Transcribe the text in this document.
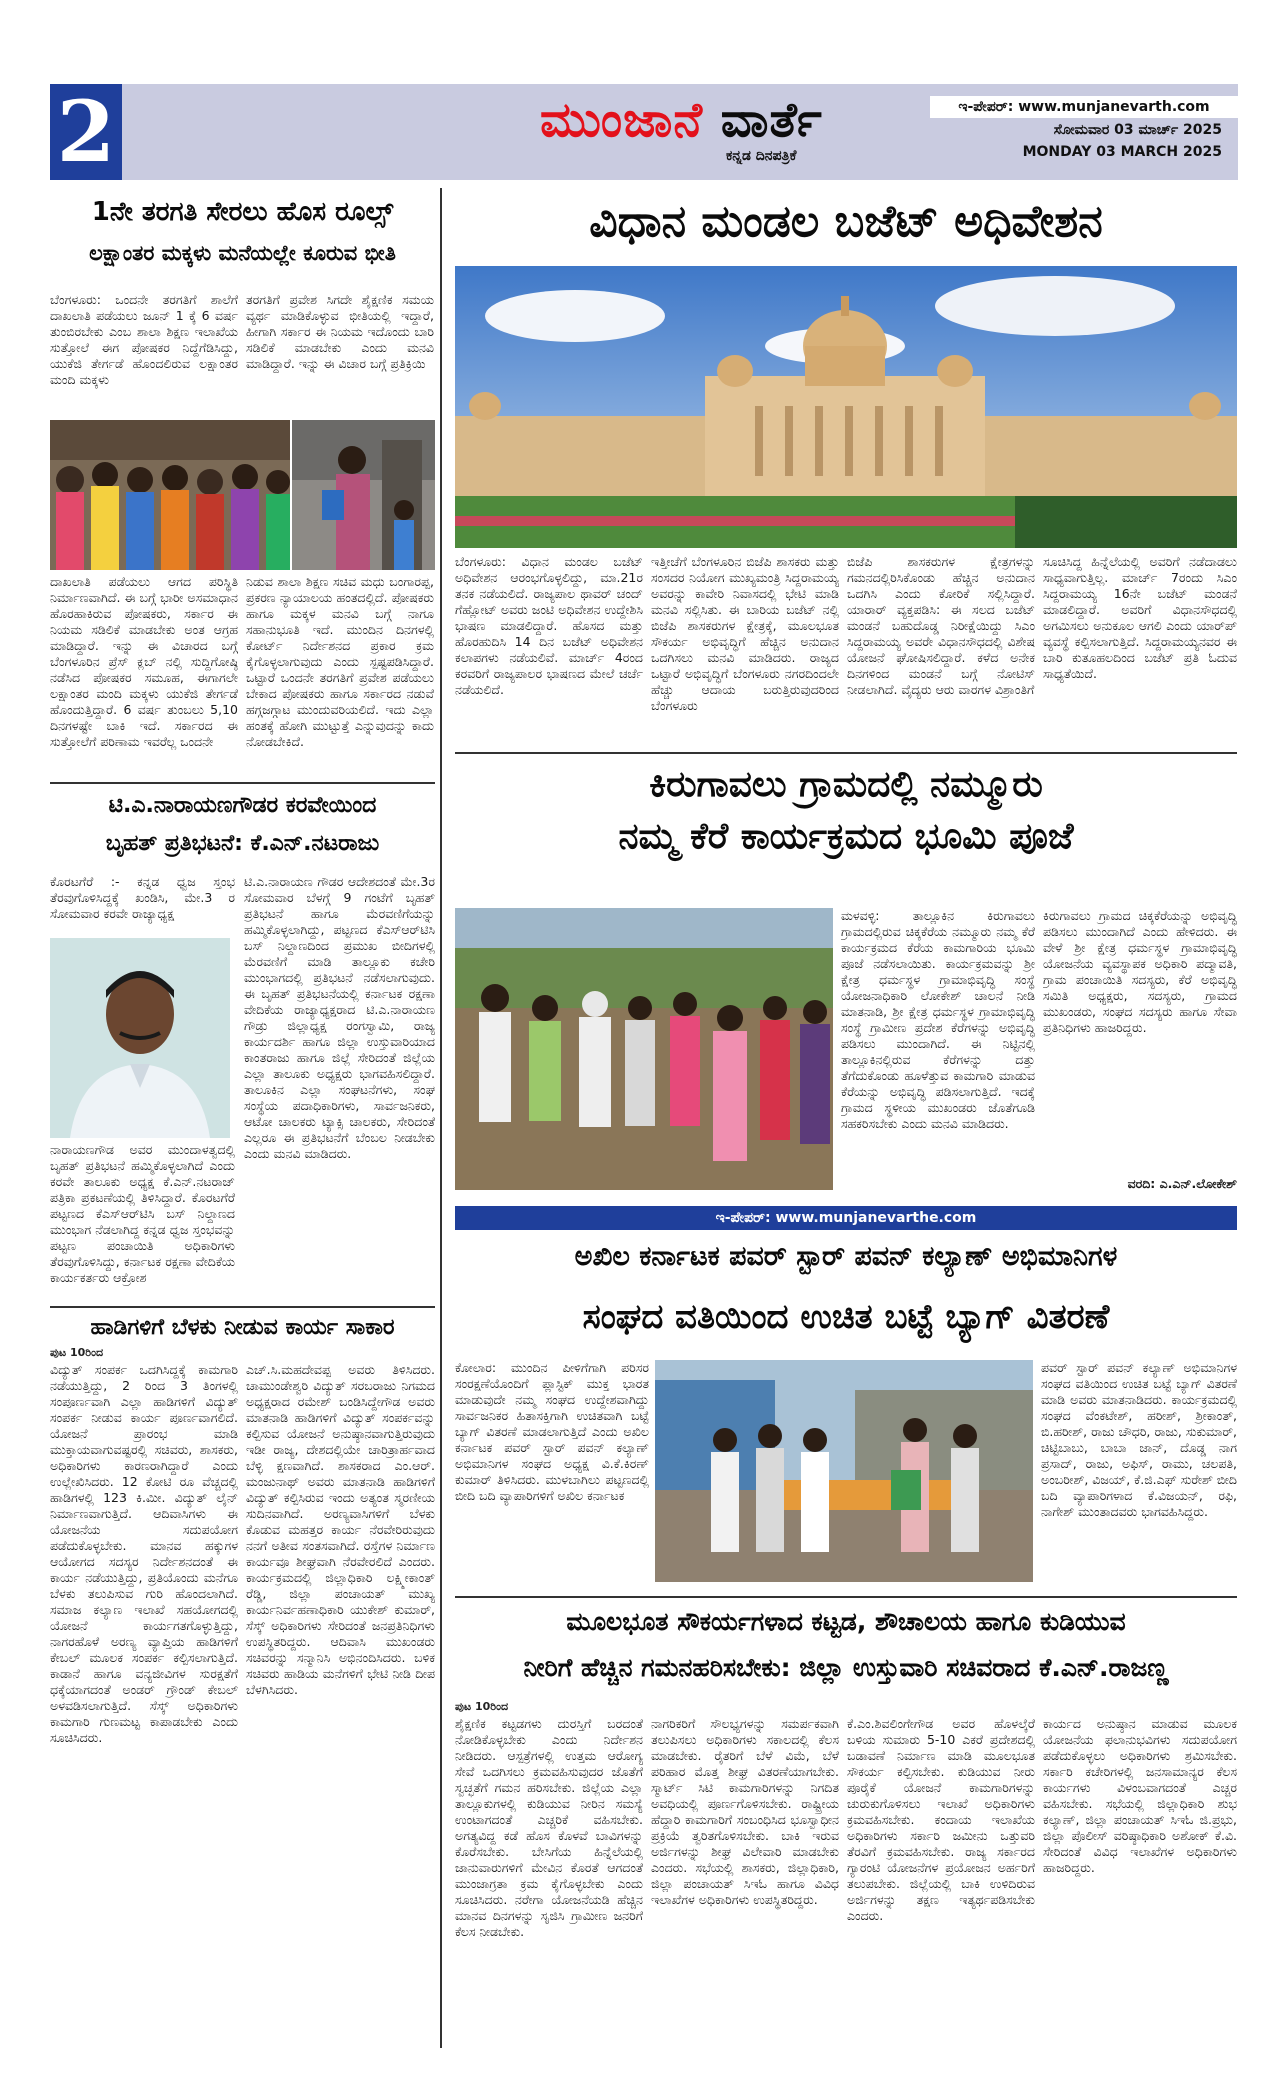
2	ಮುಂಜಾನೆ ವಾರ್ತೆ
ಕನ್ನಡ ದಿನಪತ್ರಿಕೆ
ಇ-ಪೇಪರ್: www.munjanevarth.com
ಸೋಮವಾರ 03 ಮಾರ್ಚ್ 2025
MONDAY 03 MARCH 2025
1ನೇ ತರಗತಿ ಸೇರಲು ಹೊಸ ರೂಲ್ಸ್
ಲಕ್ಷಾಂತರ ಮಕ್ಕಳು ಮನೆಯಲ್ಲೇ ಕೂರುವ ಭೀತಿ
ಬೆಂಗಳೂರು: ಒಂದನೇ ತರಗತಿಗೆ ಶಾಲೆಗೆ ದಾಖಲಾತಿ ಪಡೆಯಲು ಜೂನ್ 1 ಕ್ಕೆ 6 ವರ್ಷ ತುಂಬಿರಬೇಕು ಎಂಬ ಶಾಲಾ ಶಿಕ್ಷಣ ಇಲಾಖೆಯ ಸುತ್ತೋಲೆ ಈಗ ಪೋಷಕರ ನಿದ್ದೆಗೆಡಿಸಿದ್ದು, ಯುಕೆಜಿ ತೇರ್ಗಡೆ ಹೊಂದಲಿರುವ ಲಕ್ಷಾಂತರ ಮಂದಿ ಮಕ್ಕಳು
ತರಗತಿಗೆ ಪ್ರವೇಶ ಸಿಗದೇ ಶೈಕ್ಷಣಿಕ ಸಮಯ ವ್ಯರ್ಥ ಮಾಡಿಕೊಳ್ಳುವ ಭೀತಿಯಲ್ಲಿ ಇದ್ದಾರೆ, ಹೀಗಾಗಿ ಸರ್ಕಾರ ಈ ನಿಯಮ ಇದೊಂದು ಬಾರಿ ಸಡಿಲಿಕೆ ಮಾಡಬೇಕು ಎಂದು ಮನವಿ ಮಾಡಿದ್ದಾರೆ. ಇನ್ನು ಈ ವಿಚಾರ ಬಗ್ಗೆ ಪ್ರತಿಕ್ರಿಯಿ
ದಾಖಲಾತಿ ಪಡೆಯಲು ಆಗದ ಪರಿಸ್ಥಿತಿ ನಿರ್ಮಾಣವಾಗಿದೆ. ಈ ಬಗ್ಗೆ ಭಾರೀ ಅಸಮಾಧಾನ ಹೊರಹಾಕಿರುವ ಪೋಷಕರು, ಸರ್ಕಾರ ಈ ನಿಯಮ ಸಡಿಲಿಕೆ ಮಾಡಬೇಕು ಅಂತ ಆಗ್ರಹ ಮಾಡಿದ್ದಾರೆ. ಇನ್ನು ಈ ವಿಚಾರದ ಬಗ್ಗೆ ಬೆಂಗಳೂರಿನ ಪ್ರೆಸ್ ಕ್ಲಬ್ ನಲ್ಲಿ ಸುದ್ದಿಗೋಷ್ಠಿ ನಡೆಸಿದ ಪೋಷಕರ ಸಮೂಹ, ಈಗಾಗಲೇ ಲಕ್ಷಾಂತರ ಮಂದಿ ಮಕ್ಕಳು ಯುಕೆಜಿ ತೇರ್ಗಡೆ ಹೊಂದುತ್ತಿದ್ದಾರೆ. 6 ವರ್ಷ ತುಂಬಲು 5,10 ದಿನಗಳಷ್ಟೇ ಬಾಕಿ ಇದೆ. ಸರ್ಕಾರದ ಈ ಸುತ್ತೋಲೆಗೆ ಪರಿಣಾಮ ಇವರೆಲ್ಲ ಒಂದನೇ
ನಿಡುವ ಶಾಲಾ ಶಿಕ್ಷಣ ಸಚಿವ ಮಧು ಬಂಗಾರಪ್ಪ, ಪ್ರಕರಣ ನ್ಯಾಯಾಲಯ ಹಂತದಲ್ಲಿದೆ. ಪೋಷಕರು ಹಾಗೂ ಮಕ್ಕಳ ಮನವಿ ಬಗ್ಗೆ ನಾಗೂ ಸಹಾನುಭೂತಿ ಇದೆ. ಮುಂದಿನ ದಿನಗಳಲ್ಲಿ ಕೋರ್ಟ್ ನಿರ್ದೇಶನದ ಪ್ರಕಾರ ಕ್ರಮ ಕೈಗೊಳ್ಳಲಾಗುವುದು ಎಂದು ಸ್ಪಷ್ಟಪಡಿಸಿದ್ದಾರೆ. ಒಟ್ಟಾರೆ ಒಂದನೇ ತರಗತಿಗೆ ಪ್ರವೇಶ ಪಡೆಯಲು ಬೇಕಾದ ಪೋಷಕರು ಹಾಗೂ ಸರ್ಕಾರದ ನಡುವೆ ಹಗ್ಗಜಗ್ಗಾಟ ಮುಂದುವರಿಯಲಿದೆ. ಇದು ಎಲ್ಲಾ ಹಂತಕ್ಕೆ ಹೋಗಿ ಮುಟ್ಟುತ್ತೆ ಎನ್ನುವುದನ್ನು ಕಾದು ನೋಡಬೇಕಿದೆ.
ಟಿ.ಎ.ನಾರಾಯಣಗೌಡರ ಕರವೇಯಿಂದ
ಬೃಹತ್ ಪ್ರತಿಭಟನೆ: ಕೆ.ಎನ್.ನಟರಾಜು
ಕೊರಟಗೆರೆ :- ಕನ್ನಡ ಧ್ವಜ ಸ್ತಂಭ ತೆರವುಗೊಳಿಸಿದ್ದಕ್ಕೆ ಖಂಡಿಸಿ, ಮೇ.3 ರ ಸೋಮವಾರ ಕರವೇ ರಾಜ್ಯಾಧ್ಯಕ್ಷ
ನಾರಾಯಣಗೌಡ ಅವರ ಮುಂದಾಳತ್ವದಲ್ಲಿ ಬೃಹತ್ ಪ್ರತಿಭಟನೆ ಹಮ್ಮಿಕೊಳ್ಳಲಾಗಿದೆ ಎಂದು ಕರವೇ ತಾಲೂಕು ಅಧ್ಯಕ್ಷ ಕೆ.ಎನ್.ನಟರಾಜ್ ಪತ್ರಿಕಾ ಪ್ರಕಟಣೆಯಲ್ಲಿ ತಿಳಿಸಿದ್ದಾರೆ. ಕೊರಟಗೆರೆ ಪಟ್ಟಣದ ಕೆಎಸ್‌ಆರ್‌ಟಿಸಿ ಬಸ್ ನಿಲ್ದಾಣದ ಮುಂಭಾಗ ನೆಡಲಾಗಿದ್ದ ಕನ್ನಡ ಧ್ವಜ ಸ್ತಂಭವನ್ನು ಪಟ್ಟಣ ಪಂಚಾಯಿತಿ ಅಧಿಕಾರಿಗಳು ತೆರವುಗೊಳಿಸಿದ್ದು, ಕರ್ನಾಟಕ ರಕ್ಷಣಾ ವೇದಿಕೆಯ ಕಾರ್ಯಕರ್ತರು ಆಕ್ರೋಶ
ಟಿ.ಎ.ನಾರಾಯಣ ಗೌಡರ ಆದೇಶದಂತೆ ಮೇ.3ರ ಸೋಮವಾರ ಬೆಳಗ್ಗೆ 9 ಗಂಟೆಗೆ ಬೃಹತ್ ಪ್ರತಿಭಟನೆ ಹಾಗೂ ಮೆರವಣಿಗೆಯನ್ನು ಹಮ್ಮಿಕೊಳ್ಳಲಾಗಿದ್ದು, ಪಟ್ಟಣದ ಕೆಎಸ್‌ಆರ್‌ಟಿಸಿ ಬಸ್ ನಿಲ್ದಾಣದಿಂದ ಪ್ರಮುಖ ಬೀದಿಗಳಲ್ಲಿ ಮೆರವಣಿಗೆ ಮಾಡಿ ತಾಲ್ಲೂಕು ಕಚೇರಿ ಮುಂಭಾಗದಲ್ಲಿ ಪ್ರತಿಭಟನೆ ನಡೆಸಲಾಗುವುದು. ಈ ಬೃಹತ್ ಪ್ರತಿಭಟನೆಯಲ್ಲಿ ಕರ್ನಾಟಕ ರಕ್ಷಣಾ ವೇದಿಕೆಯ ರಾಜ್ಯಾಧ್ಯಕ್ಷರಾದ ಟಿ.ಎ.ನಾರಾಯಣ ಗೌಡ್ರು ಜಿಲ್ಲಾಧ್ಯಕ್ಷ ರಂಗಸ್ವಾಮಿ, ರಾಜ್ಯ ಕಾರ್ಯದರ್ಶಿ ಹಾಗೂ ಜಿಲ್ಲಾ ಉಸ್ತುವಾರಿಯಾದ ಕಾಂತರಾಜು ಹಾಗೂ ಜಿಲ್ಲೆ ಸೇರಿದಂತೆ ಜಿಲ್ಲೆಯ ಎಲ್ಲಾ ತಾಲೂಕು ಅಧ್ಯಕ್ಷರು ಭಾಗವಹಿಸಲಿದ್ದಾರೆ. ತಾಲೂಕಿನ ಎಲ್ಲಾ ಸಂಘಟನೆಗಳು, ಸಂಘ ಸಂಸ್ಥೆಯ ಪದಾಧಿಕಾರಿಗಳು, ಸಾರ್ವಜನಿಕರು, ಆಟೋ ಚಾಲಕರು ಟ್ಯಾಕ್ಸಿ ಚಾಲಕರು, ಸೇರಿದಂತೆ ಎಲ್ಲರೂ ಈ ಪ್ರತಿಭಟನೆಗೆ ಬೆಂಬಲ ನೀಡಬೇಕು ಎಂದು ಮನವಿ ಮಾಡಿದರು.
ಹಾಡಿಗಳಿಗೆ ಬೆಳಕು ನೀಡುವ ಕಾರ್ಯ ಸಾಕಾರ
ಪುಟ 10ರಿಂದ
ವಿದ್ಯುತ್ ಸಂಪರ್ಕ ಒದಗಿಸಿದ್ದಕ್ಕೆ ಕಾಮಗಾರಿ ನಡೆಯುತ್ತಿದ್ದು, 2 ರಿಂದ 3 ತಿಂಗಳಲ್ಲಿ ಸಂಪೂರ್ಣವಾಗಿ ಎಲ್ಲಾ ಹಾಡಿಗಳಿಗೆ ವಿದ್ಯುತ್ ಸಂಪರ್ಕ ನೀಡುವ ಕಾರ್ಯ ಪೂರ್ಣವಾಗಲಿದೆ. ಯೋಜನೆ ಪ್ರಾರಂಭ ಮಾಡಿ ಮುಕ್ತಾಯವಾಗುವಷ್ಟರಲ್ಲಿ ಸಚಿವರು, ಶಾಸಕರು, ಅಧಿಕಾರಿಗಳು ಕಾರಣರಾಗಿದ್ದಾರೆ ಎಂದು ಉಲ್ಲೇಖಿಸಿದರು. 12 ಕೋಟಿ ರೂ ವೆಚ್ಚದಲ್ಲಿ ಹಾಡಿಗಳಲ್ಲಿ 123 ಕಿ.ಮೀ. ವಿದ್ಯುತ್ ಲೈನ್ ನಿರ್ಮಾಣವಾಗುತ್ತಿದೆ. ಆದಿವಾಸಿಗಳು ಈ ಯೋಜನೆಯ ಸದುಪಯೋಗ ಪಡೆದುಕೊಳ್ಳಬೇಕು. ಮಾನವ ಹಕ್ಕುಗಳ ಆಯೋಗದ ಸದಸ್ಯರ ನಿರ್ದೇಶನದಂತೆ ಈ ಕಾರ್ಯ ನಡೆಯುತ್ತಿದ್ದು, ಪ್ರತಿಯೊಂದು ಮನೆಗೂ ಬೆಳಕು ತಲುಪಿಸುವ ಗುರಿ ಹೊಂದಲಾಗಿದೆ. ಸಮಾಜ ಕಲ್ಯಾಣ ಇಲಾಖೆ ಸಹಯೋಗದಲ್ಲಿ ಯೋಜನೆ ಕಾರ್ಯಗತಗೊಳ್ಳುತ್ತಿದ್ದು, ನಾಗರಹೊಳೆ ಅರಣ್ಯ ವ್ಯಾಪ್ತಿಯ ಹಾಡಿಗಳಿಗೆ ಕೇಬಲ್ ಮೂಲಕ ಸಂಪರ್ಕ ಕಲ್ಪಿಸಲಾಗುತ್ತಿದೆ. ಕಾಡಾನೆ ಹಾಗೂ ವನ್ಯಜೀವಿಗಳ ಸುರಕ್ಷತೆಗೆ ಧಕ್ಕೆಯಾಗದಂತೆ ಅಂಡರ್ ಗ್ರೌಂಡ್ ಕೇಬಲ್ ಅಳವಡಿಸಲಾಗುತ್ತಿದೆ. ಸೆಸ್ಕ್ ಅಧಿಕಾರಿಗಳು ಕಾಮಗಾರಿ ಗುಣಮಟ್ಟ ಕಾಪಾಡಬೇಕು ಎಂದು ಸೂಚಿಸಿದರು.
ಎಚ್.ಸಿ.ಮಹದೇವಪ್ಪ ಅವರು ತಿಳಿಸಿದರು. ಚಾಮುಂಡೇಶ್ವರಿ ವಿದ್ಯುತ್ ಸರಬರಾಜು ನಿಗಮದ ಅಧ್ಯಕ್ಷರಾದ ರಮೇಶ್ ಬಂಡಿಸಿದ್ದೇಗೌಡ ಅವರು ಮಾತನಾಡಿ ಹಾಡಿಗಳಿಗೆ ವಿದ್ಯುತ್ ಸಂಪರ್ಕವನ್ನು ಕಲ್ಪಿಸುವ ಯೋಜನೆ ಅನುಷ್ಠಾನವಾಗುತ್ತಿರುವುದು ಇಡೀ ರಾಜ್ಯ, ದೇಶದಲ್ಲಿಯೇ ಚಾರಿತ್ರಾರ್ಹವಾದ ಬೆಳ್ಳಿ ಕ್ಷಣವಾಗಿದೆ. ಶಾಸಕರಾದ ಎಂ.ಆರ್. ಮಂಜುನಾಥ್ ಅವರು ಮಾತನಾಡಿ ಹಾಡಿಗಳಿಗೆ ವಿದ್ಯುತ್ ಕಲ್ಪಿಸಿರುವ ಇಂದು ಅತ್ಯಂತ ಸ್ಮರಣೀಯ ಸುದಿನವಾಗಿದೆ. ಅರಣ್ಯವಾಸಿಗಳಿಗೆ ಬೆಳಕು ಕೊಡುವ ಮಹತ್ತರ ಕಾರ್ಯ ನೆರವೇರಿರುವುದು ನನಗೆ ಅತೀವ ಸಂತಸವಾಗಿದೆ. ರಸ್ತೆಗಳ ನಿರ್ಮಾಣ ಕಾರ್ಯವೂ ಶೀಘ್ರವಾಗಿ ನೆರವೇರಲಿದೆ ಎಂದರು. ಕಾರ್ಯಕ್ರಮದಲ್ಲಿ ಜಿಲ್ಲಾಧಿಕಾರಿ ಲಕ್ಷ್ಮೀಕಾಂತ್ ರೆಡ್ಡಿ, ಜಿಲ್ಲಾ ಪಂಚಾಯತ್ ಮುಖ್ಯ ಕಾರ್ಯನಿರ್ವಹಣಾಧಿಕಾರಿ ಯುಕೇಶ್ ಕುಮಾರ್, ಸೆಸ್ಕ್ ಅಧಿಕಾರಿಗಳು ಸೇರಿದಂತೆ ಜನಪ್ರತಿನಿಧಿಗಳು ಉಪಸ್ಥಿತರಿದ್ದರು. ಆದಿವಾಸಿ ಮುಖಂಡರು ಸಚಿವರನ್ನು ಸನ್ಮಾನಿಸಿ ಅಭಿನಂದಿಸಿದರು. ಬಳಿಕ ಸಚಿವರು ಹಾಡಿಯ ಮನೆಗಳಿಗೆ ಭೇಟಿ ನೀಡಿ ದೀಪ ಬೆಳಗಿಸಿದರು.
ವಿಧಾನ ಮಂಡಲ ಬಜೆಟ್ ಅಧಿವೇಶನ
ಬೆಂಗಳೂರು: ವಿಧಾನ ಮಂಡಲ ಬಜೆಟ್ ಅಧಿವೇಶನ ಆರಂಭಗೊಳ್ಳಲಿದ್ದು, ಮಾ.21ರ ತನಕ ನಡೆಯಲಿದೆ. ರಾಜ್ಯಪಾಲ ಥಾವರ್ ಚಂದ್ ಗೆಹ್ಲೋಟ್ ಅವರು ಜಂಟಿ ಅಧಿವೇಶನ ಉದ್ದೇಶಿಸಿ ಭಾಷಣ ಮಾಡಲಿದ್ದಾರೆ. ಹೊಸದ ಮತ್ತು ಹೊರಹುದಿಸಿ 14 ದಿನ ಬಜೆಟ್ ಅಧಿವೇಶನ ಕಲಾಪಗಳು ನಡೆಯಲಿವೆ. ಮಾರ್ಚ್ 4ರಂದ ಕರವರಿಗೆ ರಾಜ್ಯಪಾಲರ ಭಾಷಣದ ಮೇಲೆ ಚರ್ಚೆ ನಡೆಯಲಿದೆ.
ಇತ್ತೀಚೆಗೆ ಬೆಂಗಳೂರಿನ ಬಿಜೆಪಿ ಶಾಸಕರು ಮತ್ತು ಸಂಸದರ ನಿಯೋಗ ಮುಖ್ಯಮಂತ್ರಿ ಸಿದ್ದರಾಮಯ್ಯ ಅವರನ್ನು ಕಾವೇರಿ ನಿವಾಸದಲ್ಲಿ ಭೇಟಿ ಮಾಡಿ ಮನವಿ ಸಲ್ಲಿಸಿತು. ಈ ಬಾರಿಯ ಬಜೆಟ್ ನಲ್ಲಿ ಬಿಜೆಪಿ ಶಾಸಕರುಗಳ ಕ್ಷೇತ್ರಕ್ಕೆ, ಮೂಲಭೂತ ಸೌಕರ್ಯ ಅಭಿವೃದ್ಧಿಗೆ ಹೆಚ್ಚಿನ ಅನುದಾನ ಒದಗಿಸಲು ಮನವಿ ಮಾಡಿದರು. ರಾಜ್ಯದ ಒಟ್ಟಾರೆ ಅಭಿವೃದ್ಧಿಗೆ ಬೆಂಗಳೂರು ನಗರದಿಂದಲೇ ಹೆಚ್ಚು ಆದಾಯ ಬರುತ್ತಿರುವುದರಿಂದ ಬೆಂಗಳೂರು
ಬಿಜೆಪಿ ಶಾಸಕರುಗಳ ಕ್ಷೇತ್ರಗಳನ್ನು ಗಮನದಲ್ಲಿರಿಸಿಕೊಂಡು ಹೆಚ್ಚಿನ ಅನುದಾನ ಒದಗಿಸಿ ಎಂದು ಕೋರಿಕೆ ಸಲ್ಲಿಸಿದ್ದಾರೆ. ಯಾರಾರ್ ವ್ಯಕ್ತಪಡಿಸಿ: ಈ ಸಲದ ಬಜೆಟ್ ಮಂಡನೆ ಬಹುದೊಡ್ಡ ನಿರೀಕ್ಷೆಯಿದ್ದು ಸಿಎಂ ಸಿದ್ದರಾಮಯ್ಯ ಅವರೇ ವಿಧಾನಸೌಧದಲ್ಲಿ ವಿಶೇಷ ಯೋಜನೆ ಘೋಷಿಸಲಿದ್ದಾರೆ. ಕಳೆದ ಅನೇಕ ದಿನಗಳಿಂದ ಮಂಡನೆ ಬಗ್ಗೆ ನೋಟಿಸ್ ನೀಡಲಾಗಿದೆ. ವೈದ್ಯರು ಆರು ವಾರಗಳ ವಿಶ್ರಾಂತಿಗೆ
ಸೂಚಿಸಿದ್ದ ಹಿನ್ನೆಲೆಯಲ್ಲಿ ಅವರಿಗೆ ನಡೆದಾಡಲು ಸಾಧ್ಯವಾಗುತ್ತಿಲ್ಲ. ಮಾರ್ಚ್ 7ರಂದು ಸಿಎಂ ಸಿದ್ದರಾಮಯ್ಯ 16ನೇ ಬಜೆಟ್ ಮಂಡನೆ ಮಾಡಲಿದ್ದಾರೆ. ಅವರಿಗೆ ವಿಧಾನಸೌಧದಲ್ಲಿ ಅಗಮಿಸಲು ಅನುಕೂಲ ಆಗಲಿ ಎಂದು ಯಾರ್‌ಪ್ ವ್ಯವಸ್ಥೆ ಕಲ್ಪಿಸಲಾಗುತ್ತಿದೆ. ಸಿದ್ದರಾಮಯ್ಯನವರ ಈ ಬಾರಿ ಕುತೂಹಲದಿಂದ ಬಜೆಟ್ ಪ್ರತಿ ಓದುವ ಸಾಧ್ಯತೆಯಿದೆ.
ಕಿರುಗಾವಲು ಗ್ರಾಮದಲ್ಲಿ ನಮ್ಮೂರು
ನಮ್ಮ ಕೆರೆ ಕಾರ್ಯಕ್ರಮದ ಭೂಮಿ ಪೂಜೆ
ಮಳವಳ್ಳಿ: ತಾಲ್ಲೂಕಿನ ಕಿರುಗಾವಲು ಗ್ರಾಮದಲ್ಲಿರುವ ಚಿಕ್ಕಕೆರೆಯ ನಮ್ಮೂರು ನಮ್ಮ ಕೆರೆ ಕಾರ್ಯಕ್ರಮದ ಕೆರೆಯ ಕಾಮಗಾರಿಯ ಭೂಮಿ ಪೂಜೆ ನಡೆಸಲಾಯಿತು. ಕಾರ್ಯಕ್ರಮವನ್ನು ಶ್ರೀ ಕ್ಷೇತ್ರ ಧರ್ಮಸ್ಥಳ ಗ್ರಾಮಾಭಿವೃದ್ಧಿ ಸಂಸ್ಥೆ ಯೋಜನಾಧಿಕಾರಿ ಲೋಕೇಶ್ ಚಾಲನೆ ನೀಡಿ ಮಾತನಾಡಿ, ಶ್ರೀ ಕ್ಷೇತ್ರ ಧರ್ಮಸ್ಥಳ ಗ್ರಾಮಾಭಿವೃದ್ಧಿ ಸಂಸ್ಥೆ ಗ್ರಾಮೀಣ ಪ್ರದೇಶ ಕೆರೆಗಳನ್ನು ಅಭಿವೃದ್ಧಿ ಪಡಿಸಲು ಮುಂದಾಗಿದೆ. ಈ ನಿಟ್ಟಿನಲ್ಲಿ ತಾಲ್ಲೂಕಿನಲ್ಲಿರುವ ಕೆರೆಗಳನ್ನು ದತ್ತು ತೆಗೆದುಕೊಂಡು ಹೂಳೆತ್ತುವ ಕಾಮಗಾರಿ ಮಾಡುವ ಕೆರೆಯನ್ನು ಅಭಿವೃದ್ಧಿ ಪಡಿಸಲಾಗುತ್ತಿದೆ. ಇದಕ್ಕೆ ಗ್ರಾಮದ ಸ್ಥಳೀಯ ಮುಖಂಡರು ಜೊತೆಗೂಡಿ ಸಹಕರಿಸಬೇಕು ಎಂದು ಮನವಿ ಮಾಡಿದರು.
ಕಿರುಗಾವಲು ಗ್ರಾಮದ ಚಿಕ್ಕಕೆರೆಯನ್ನು ಅಭಿವೃದ್ಧಿ ಪಡಿಸಲು ಮುಂದಾಗಿದೆ ಎಂದು ಹೇಳಿದರು. ಈ ವೇಳೆ ಶ್ರೀ ಕ್ಷೇತ್ರ ಧರ್ಮಸ್ಥಳ ಗ್ರಾಮಾಭಿವೃದ್ಧಿ ಯೋಜನೆಯ ವ್ಯವಸ್ಥಾಪಕ ಅಧಿಕಾರಿ ಪದ್ಮಾವತಿ, ಗ್ರಾಮ ಪಂಚಾಯಿತಿ ಸದಸ್ಯರು, ಕೆರೆ ಅಭಿವೃದ್ಧಿ ಸಮಿತಿ ಅಧ್ಯಕ್ಷರು, ಸದಸ್ಯರು, ಗ್ರಾಮದ ಮುಖಂಡರು, ಸಂಘದ ಸದಸ್ಯರು ಹಾಗೂ ಸೇವಾ ಪ್ರತಿನಿಧಿಗಳು ಹಾಜರಿದ್ದರು.
ವರದಿ: ಎ.ಎನ್.ಲೋಕೇಶ್
ಇ-ಪೇಪರ್: www.munjanevarthe.com
ಅಖಿಲ ಕರ್ನಾಟಕ ಪವರ್ ಸ್ಟಾರ್ ಪವನ್ ಕಲ್ಯಾಣ್ ಅಭಿಮಾನಿಗಳ
ಸಂಘದ ವತಿಯಿಂದ ಉಚಿತ ಬಟ್ಟೆ ಬ್ಯಾಗ್ ವಿತರಣೆ
ಕೋಲಾರ: ಮುಂದಿನ ಪೀಳಿಗೆಗಾಗಿ ಪರಿಸರ ಸಂರಕ್ಷಣೆಯೊಂದಿಗೆ ಪ್ಲಾಸ್ಟಿಕ್ ಮುಕ್ತ ಭಾರತ ಮಾಡುವುದೇ ನಮ್ಮ ಸಂಘದ ಉದ್ದೇಶವಾಗಿದ್ದು ಸಾರ್ವಜನಿಕರ ಹಿತಾಸಕ್ತಿಗಾಗಿ ಉಚಿತವಾಗಿ ಬಟ್ಟೆ ಬ್ಯಾಗ್ ವಿತರಣೆ ಮಾಡಲಾಗುತ್ತಿದೆ ಎಂದು ಅಖಿಲ ಕರ್ನಾಟಕ ಪವರ್ ಸ್ಟಾರ್ ಪವನ್ ಕಲ್ಯಾಣ್ ಅಭಿಮಾನಿಗಳ ಸಂಘದ ಅಧ್ಯಕ್ಷ ವಿ.ಕೆ.ಕಿರಣ್ ಕುಮಾರ್ ತಿಳಿಸಿದರು. ಮುಳಬಾಗಿಲು ಪಟ್ಟಣದಲ್ಲಿ ಬೀದಿ ಬದಿ ವ್ಯಾಪಾರಿಗಳಿಗೆ ಅಖಿಲ ಕರ್ನಾಟಕ
ಪವರ್ ಸ್ಟಾರ್ ಪವನ್ ಕಲ್ಯಾಣ್ ಅಭಿಮಾನಿಗಳ ಸಂಘದ ವತಿಯಿಂದ ಉಚಿತ ಬಟ್ಟೆ ಬ್ಯಾಗ್ ವಿತರಣೆ ಮಾಡಿ ಅವರು ಮಾತನಾಡಿದರು. ಕಾರ್ಯಕ್ರಮದಲ್ಲಿ ಸಂಘದ ವೆಂಕಟೇಶ್, ಹರೀಶ್, ಶ್ರೀಕಾಂತ್, ಬಿ.ಹರೀಶ್, ರಾಜು ಚೌಧರಿ, ರಾಜು, ಸುಕುಮಾರ್, ಚಿಟ್ಟಿಬಾಬು, ಬಾಬಾ ಜಾನ್, ದೊಡ್ಡ ನಾಗ ಪ್ರಸಾದ್, ರಾಜು, ಅಫಿಸ್, ರಾಮು, ಚಲಪತಿ, ಅಂಬರೀಶ್, ವಿಜಯ್, ಕೆ.ಜಿ.ಎಫ್ ಸುರೇಶ್ ಬೀದಿ ಬದಿ ವ್ಯಾಪಾರಿಗಳಾದ ಕೆ.ವಿಜಯನ್, ರಫಿ, ನಾಗೇಶ್ ಮುಂತಾದವರು ಭಾಗವಹಿಸಿದ್ದರು.
ಮೂಲಭೂತ ಸೌಕರ್ಯಗಳಾದ ಕಟ್ಟಡ, ಶೌಚಾಲಯ ಹಾಗೂ ಕುಡಿಯುವ
ನೀರಿಗೆ ಹೆಚ್ಚಿನ ಗಮನಹರಿಸಬೇಕು: ಜಿಲ್ಲಾ ಉಸ್ತುವಾರಿ ಸಚಿವರಾದ ಕೆ.ಎನ್.ರಾಜಣ್ಣ
ಪುಟ 10ರಿಂದ
ಶೈಕ್ಷಣಿಕ ಕಟ್ಟಡಗಳು ದುರಸ್ತಿಗೆ ಬರದಂತೆ ನೋಡಿಕೊಳ್ಳಬೇಕು ಎಂದು ನಿರ್ದೇಶನ ನೀಡಿದರು. ಆಸ್ಪತ್ರೆಗಳಲ್ಲಿ ಉತ್ತಮ ಆರೋಗ್ಯ ಸೇವೆ ಒದಗಿಸಲು ಕ್ರಮವಹಿಸುವುದರ ಜೊತೆಗೆ ಸ್ವಚ್ಛತೆಗೆ ಗಮನ ಹರಿಸಬೇಕು. ಜಿಲ್ಲೆಯ ಎಲ್ಲಾ ತಾಲ್ಲೂಕುಗಳಲ್ಲಿ ಕುಡಿಯುವ ನೀರಿನ ಸಮಸ್ಯೆ ಉಂಟಾಗದಂತೆ ಎಚ್ಚರಿಕೆ ವಹಿಸಬೇಕು. ಅಗತ್ಯವಿದ್ದ ಕಡೆ ಹೊಸ ಕೊಳವೆ ಬಾವಿಗಳನ್ನು ಕೊರೆಸಬೇಕು. ಬೇಸಿಗೆಯ ಹಿನ್ನೆಲೆಯಲ್ಲಿ ಜಾನುವಾರುಗಳಿಗೆ ಮೇವಿನ ಕೊರತೆ ಆಗದಂತೆ ಮುಂಜಾಗ್ರತಾ ಕ್ರಮ ಕೈಗೊಳ್ಳಬೇಕು ಎಂದು ಸೂಚಿಸಿದರು. ನರೇಗಾ ಯೋಜನೆಯಡಿ ಹೆಚ್ಚಿನ ಮಾನವ ದಿನಗಳನ್ನು ಸೃಜಿಸಿ ಗ್ರಾಮೀಣ ಜನರಿಗೆ ಕೆಲಸ ನೀಡಬೇಕು.
ನಾಗರಿಕರಿಗೆ ಸೌಲಭ್ಯಗಳನ್ನು ಸಮರ್ಪಕವಾಗಿ ತಲುಪಿಸಲು ಅಧಿಕಾರಿಗಳು ಸಕಾಲದಲ್ಲಿ ಕೆಲಸ ಮಾಡಬೇಕು. ರೈತರಿಗೆ ಬೆಳೆ ವಿಮೆ, ಬೆಳೆ ಪರಿಹಾರ ಮೊತ್ತ ಶೀಘ್ರ ವಿತರಣೆಯಾಗಬೇಕು. ಸ್ಮಾರ್ಟ್ ಸಿಟಿ ಕಾಮಗಾರಿಗಳನ್ನು ನಿಗದಿತ ಅವಧಿಯಲ್ಲಿ ಪೂರ್ಣಗೊಳಿಸಬೇಕು. ರಾಷ್ಟ್ರೀಯ ಹೆದ್ದಾರಿ ಕಾಮಗಾರಿಗೆ ಸಂಬಂಧಿಸಿದ ಭೂಸ್ವಾಧೀನ ಪ್ರಕ್ರಿಯೆ ತ್ವರಿತಗೊಳಿಸಬೇಕು. ಬಾಕಿ ಇರುವ ಅರ್ಜಿಗಳನ್ನು ಶೀಘ್ರ ವಿಲೇವಾರಿ ಮಾಡಬೇಕು ಎಂದರು. ಸಭೆಯಲ್ಲಿ ಶಾಸಕರು, ಜಿಲ್ಲಾಧಿಕಾರಿ, ಜಿಲ್ಲಾ ಪಂಚಾಯತ್ ಸಿಇಓ ಹಾಗೂ ವಿವಿಧ ಇಲಾಖೆಗಳ ಅಧಿಕಾರಿಗಳು ಉಪಸ್ಥಿತರಿದ್ದರು.
ಕೆ.ಎಂ.ಶಿವಲಿಂಗೇಗೌಡ ಅವರ ಹೊಳಲ್ಕೆರೆ ಬಳಿಯ ಸುಮಾರು 5-10 ಎಕರೆ ಪ್ರದೇಶದಲ್ಲಿ ಬಡಾವಣೆ ನಿರ್ಮಾಣ ಮಾಡಿ ಮೂಲಭೂತ ಸೌಕರ್ಯ ಕಲ್ಪಿಸಬೇಕು. ಕುಡಿಯುವ ನೀರು ಪೂರೈಕೆ ಯೋಜನೆ ಕಾಮಗಾರಿಗಳನ್ನು ಚುರುಕುಗೊಳಿಸಲು ಇಲಾಖೆ ಅಧಿಕಾರಿಗಳು ಕ್ರಮವಹಿಸಬೇಕು. ಕಂದಾಯ ಇಲಾಖೆಯ ಅಧಿಕಾರಿಗಳು ಸರ್ಕಾರಿ ಜಮೀನು ಒತ್ತುವರಿ ತೆರವಿಗೆ ಕ್ರಮವಹಿಸಬೇಕು. ರಾಜ್ಯ ಸರ್ಕಾರದ ಗ್ಯಾರಂಟಿ ಯೋಜನೆಗಳ ಪ್ರಯೋಜನ ಅರ್ಹರಿಗೆ ತಲುಪಬೇಕು. ಜಿಲ್ಲೆಯಲ್ಲಿ ಬಾಕಿ ಉಳಿದಿರುವ ಅರ್ಜಿಗಳನ್ನು ತಕ್ಷಣ ಇತ್ಯರ್ಥಪಡಿಸಬೇಕು ಎಂದರು.
ಕಾರ್ಯದ ಅನುಷ್ಠಾನ ಮಾಡುವ ಮೂಲಕ ಯೋಜನೆಯ ಫಲಾನುಭವಿಗಳು ಸದುಪಯೋಗ ಪಡೆದುಕೊಳ್ಳಲು ಅಧಿಕಾರಿಗಳು ಶ್ರಮಿಸಬೇಕು. ಸರ್ಕಾರಿ ಕಚೇರಿಗಳಲ್ಲಿ ಜನಸಾಮಾನ್ಯರ ಕೆಲಸ ಕಾರ್ಯಗಳು ವಿಳಂಬವಾಗದಂತೆ ಎಚ್ಚರ ವಹಿಸಬೇಕು. ಸಭೆಯಲ್ಲಿ ಜಿಲ್ಲಾಧಿಕಾರಿ ಶುಭ ಕಲ್ಯಾಣ್, ಜಿಲ್ಲಾ ಪಂಚಾಯತ್ ಸಿಇಓ ಜಿ.ಪ್ರಭು, ಜಿಲ್ಲಾ ಪೊಲೀಸ್ ವರಿಷ್ಠಾಧಿಕಾರಿ ಅಶೋಕ್ ಕೆ.ವಿ. ಸೇರಿದಂತೆ ವಿವಿಧ ಇಲಾಖೆಗಳ ಅಧಿಕಾರಿಗಳು ಹಾಜರಿದ್ದರು.
